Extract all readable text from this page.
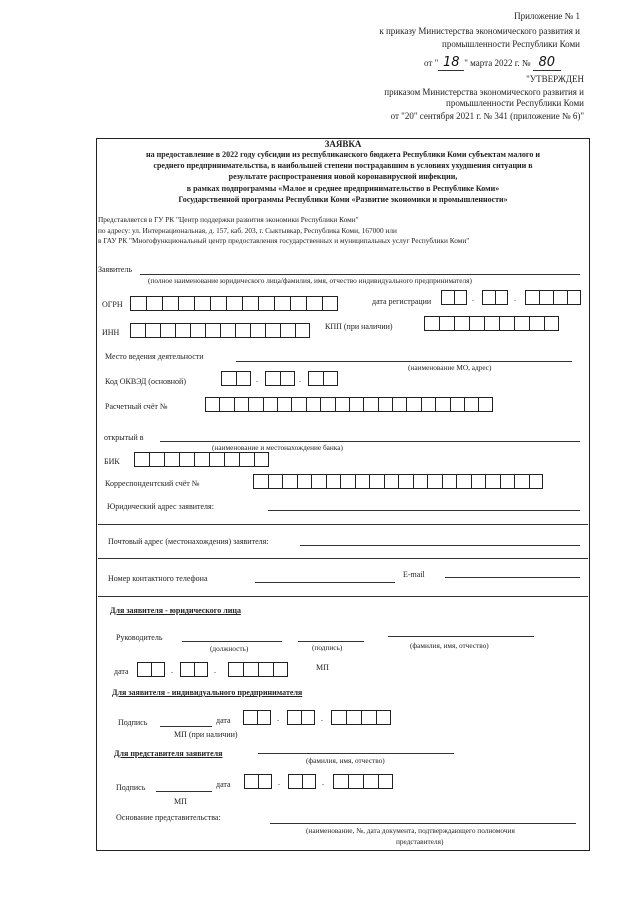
Приложение № 1
к приказу Министерства экономического развития и
промышленности Республики Коми
от " 18 " марта 2022 г. № 80
"УТВЕРЖДЕН
приказом Министерства экономического развития и
промышленности Республики Коми
от "20" сентября 2021 г. № 341 (приложение № 6)"
ЗАЯВКА
на предоставление в 2022 году субсидии из республиканского бюджета Республики Коми субъектам малого и
среднего предпринимательства, в наибольшей степени пострадавшим в условиях ухудшения ситуации в
результате распространения новой коронавирусной инфекции,
в рамках подпрограммы «Малое и среднее предпринимательство в Республике Коми»
Государственной программы Республики Коми «Развитие экономики и промышленности»
Представляется в ГУ РК "Центр поддержки развития экономики Республики Коми"
по адресу: ул. Интернациональная, д. 157, каб. 203, г. Сыктывкар, Республика Коми, 167000 или
в ГАУ РК "Многофункциональный центр предоставления государственных и муниципальных услуг Республики Коми"
Заявитель
(полное наименование юридического лица/фамилия, имя, отчество индивидуального предпринимателя)
ОГРН	дата регистрации	.	.
ИНН
КПП (при наличии)
Место ведения деятельности
(наименование МО, адрес)
Код ОКВЭД (основной)	.	.
Расчетный счёт №
открытый в
(наименование и местонахождение банка)
БИК
Корреспондентский счёт №
Юридический адрес заявителя:
Почтовый адрес (местонахождения) заявителя:
Номер контактного телефона	E-mail
Для заявителя - юридического лица
Руководитель
(должность)	(подпись)	(фамилия, имя, отчество)
дата	.	.	МП
Для заявителя - индивидуального предпринимателя
Подпись	дата	.	.
МП (при наличии)
Для представителя заявителя
(фамилия, имя, отчество)
Подпись	дата	.	.
МП
Основание представительства:
(наименование, №, дата документа, подтверждающего полномочия
представителя)
